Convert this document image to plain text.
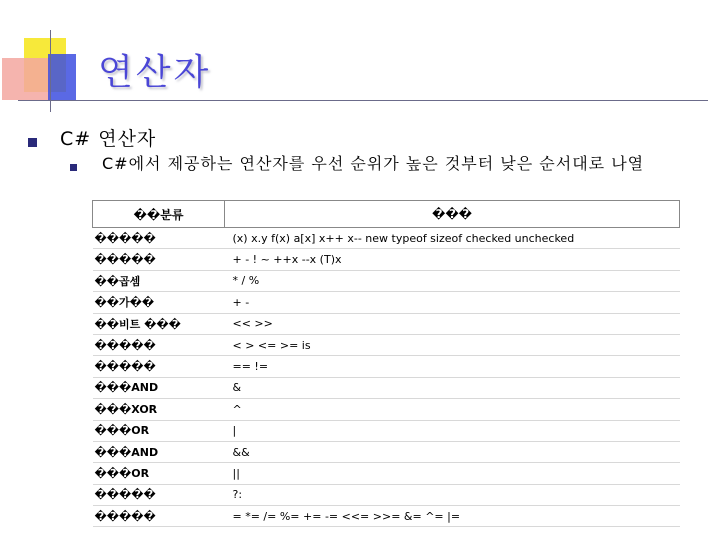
연산자
C# 연산자
C#에서 제공하는 연산자를 우선 순위가 높은 것부터 낮은 순서대로 나열
��분류	���
�����	(x) x.y f(x) a[x] x++ x-- new typeof sizeof checked unchecked
�����	+ - ! ~ ++x --x (T)x
��곱셈	* / %
��가��	+ -
��비트 ���	<< >>
�����	< > <= >= is
�����	== !=
���AND	&
���XOR	^
���OR	|
���AND	&&
���OR	||
�����	?:
�����	= *= /= %= += -= <<= >>= &= ^= |=
